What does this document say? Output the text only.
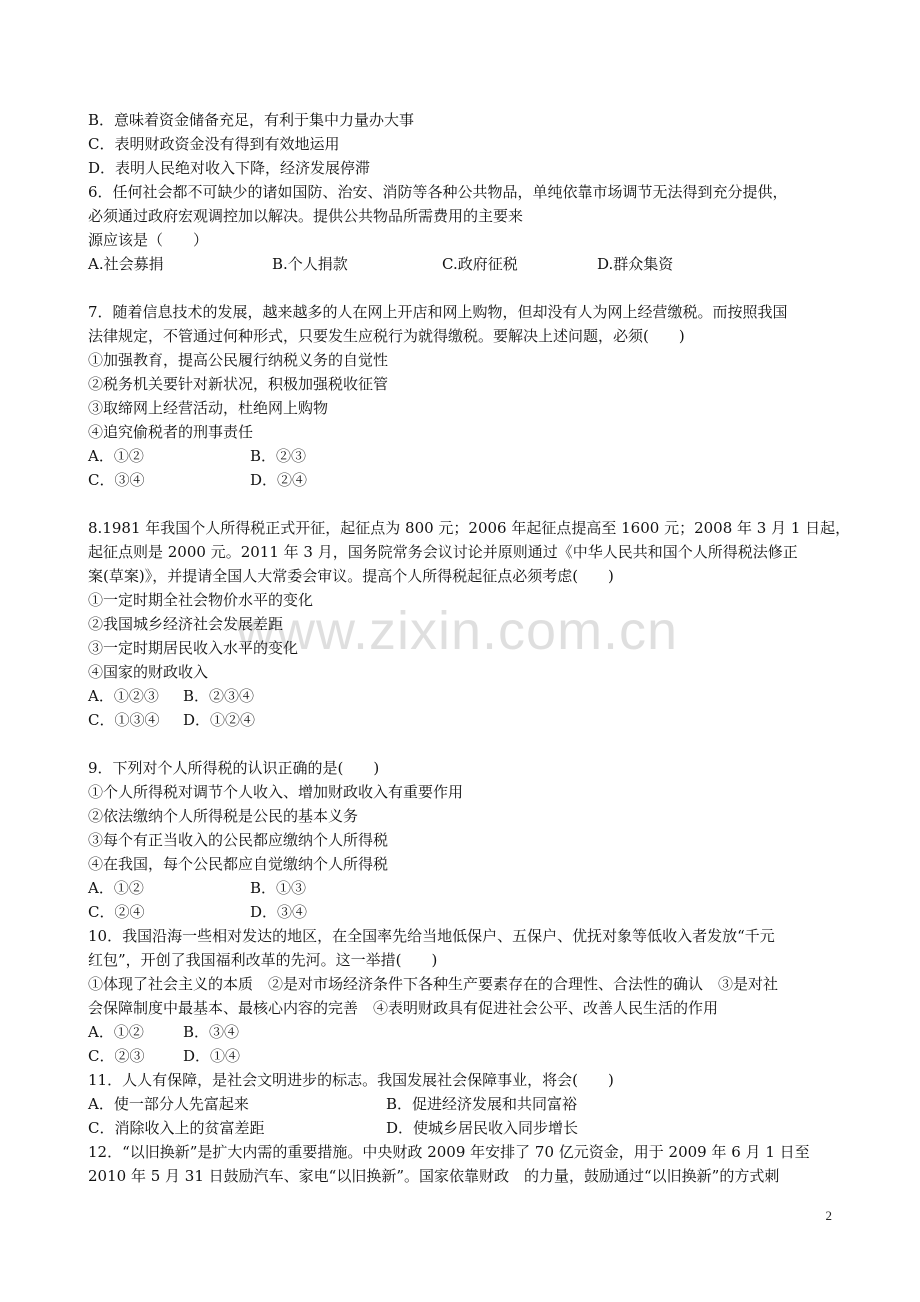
www.zixin.com.cn
B．意味着资金储备充足，有利于集中力量办大事
C．表明财政资金没有得到有效地运用
D．表明人民绝对收入下降，经济发展停滞
6．任何社会都不可缺少的诸如国防、治安、消防等各种公共物品，单纯依靠市场调节无法得到充分提供，
必须通过政府宏观调控加以解决。提供公共物品所需费用的主要来
源应该是（　　）
A.社会募捐	B.个人捐款	C.政府征税	D.群众集资
7．随着信息技术的发展，越来越多的人在网上开店和网上购物，但却没有人为网上经营缴税。而按照我国
法律规定，不管通过何种形式，只要发生应税行为就得缴税。要解决上述问题，必须(　　)
①加强教育，提高公民履行纳税义务的自觉性
②税务机关要针对新状况，积极加强税收征管
③取缔网上经营活动，杜绝网上购物
④追究偷税者的刑事责任
A．①②	B．②③
C．③④	D．②④
8.1981 年我国个人所得税正式开征，起征点为 800 元；2006 年起征点提高至 1600 元；2008 年 3 月 1 日起，
起征点则是 2000 元。2011 年 3 月，国务院常务会议讨论并原则通过《中华人民共和国个人所得税法修正
案(草案)》，并提请全国人大常委会审议。提高个人所得税起征点必须考虑(　　)
①一定时期全社会物价水平的变化
②我国城乡经济社会发展差距
③一定时期居民收入水平的变化
④国家的财政收入
A．①②③	B．②③④
C．①③④	D．①②④
9．下列对个人所得税的认识正确的是(　　)
①个人所得税对调节个人收入、增加财政收入有重要作用
②依法缴纳个人所得税是公民的基本义务
③每个有正当收入的公民都应缴纳个人所得税
④在我国，每个公民都应自觉缴纳个人所得税
A．①②	B．①③
C．②④	D．③④
10．我国沿海一些相对发达的地区，在全国率先给当地低保户、五保户、优抚对象等低收入者发放“千元
红包”，开创了我国福利改革的先河。这一举措(　　)
①体现了社会主义的本质　②是对市场经济条件下各种生产要素存在的合理性、合法性的确认　③是对社
会保障制度中最基本、最核心内容的完善　④表明财政具有促进社会公平、改善人民生活的作用
A．①②	B．③④
C．②③	D．①④
11．人人有保障，是社会文明进步的标志。我国发展社会保障事业，将会(　　)
A．使一部分人先富起来	B．促进经济发展和共同富裕
C．消除收入上的贫富差距	D．使城乡居民收入同步增长
12．“以旧换新”是扩大内需的重要措施。中央财政 2009 年安排了 70 亿元资金，用于 2009 年 6 月 1 日至
2010 年 5 月 31 日鼓励汽车、家电“以旧换新”。国家依靠财政　的力量，鼓励通过“以旧换新”的方式刺
2
